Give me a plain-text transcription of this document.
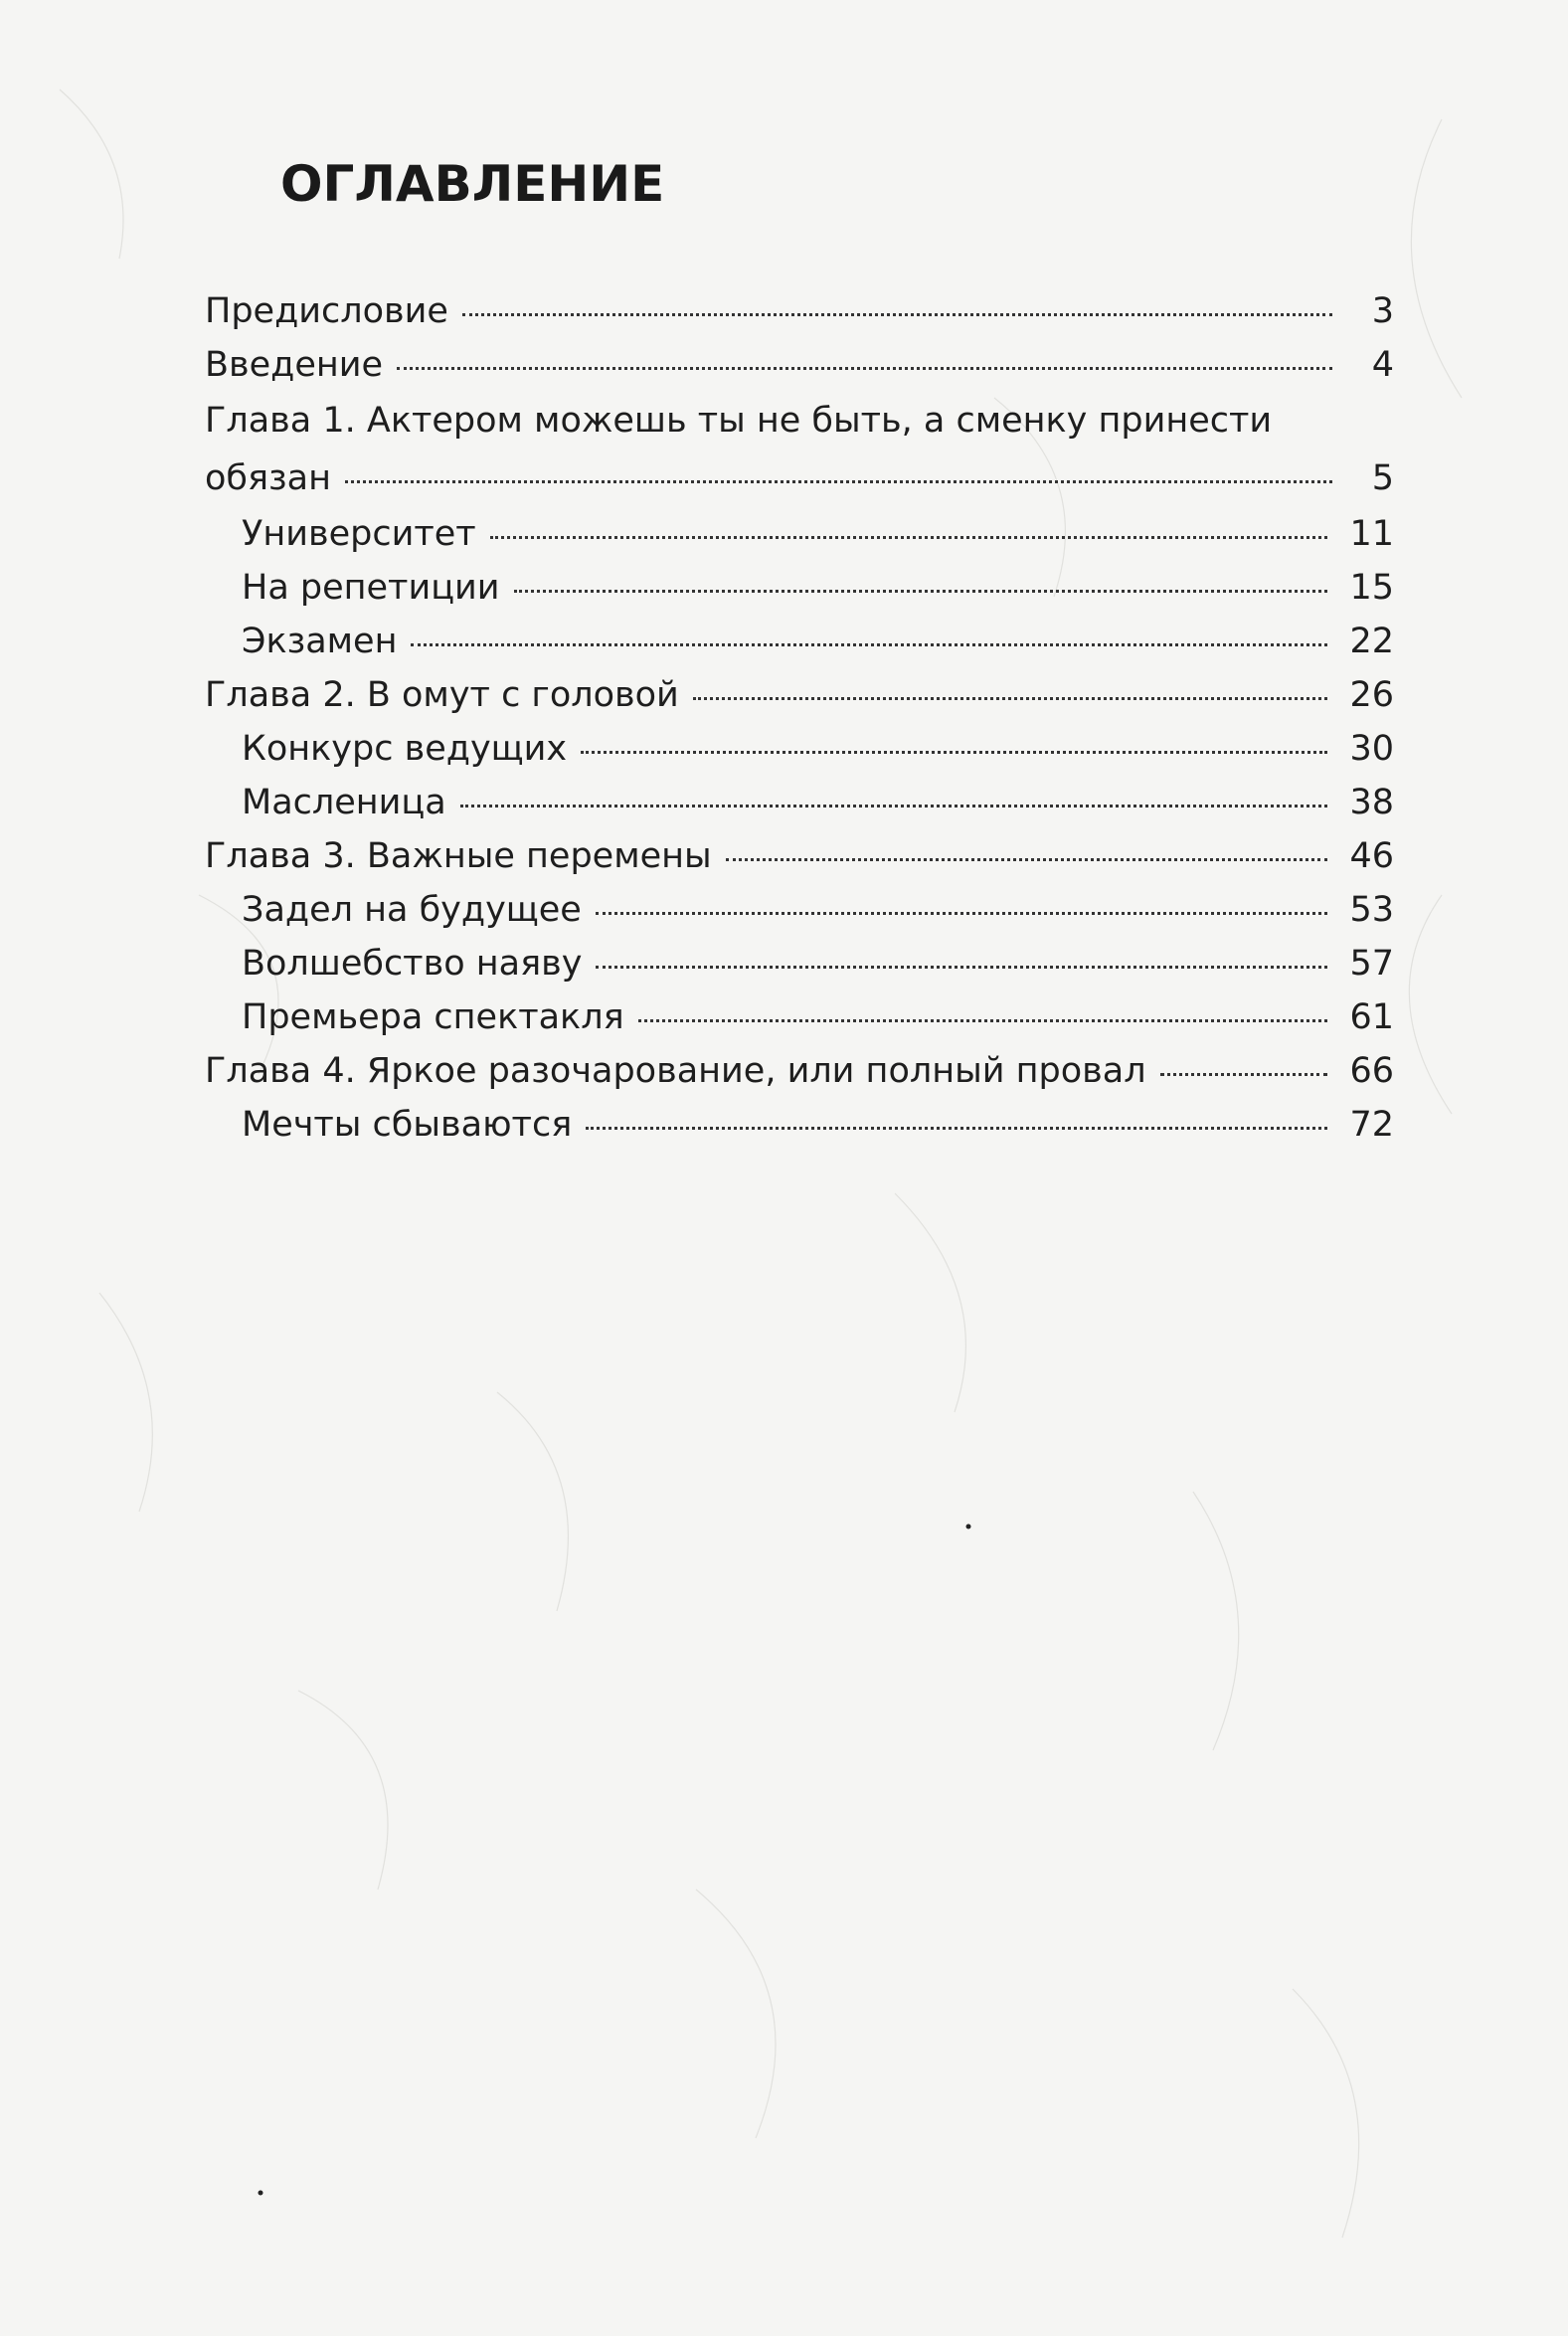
ОГЛАВЛЕНИЕ
Предисловие	3
Введение	4
Глава 1. Актером можешь ты не быть, а сменку принести
обязан	5
Университет	11
На репетиции	15
Экзамен	22
Глава 2. В омут с головой	26
Конкурс ведущих	30
Масленица	38
Глава 3. Важные перемены	46
Задел на будущее	53
Волшебство наяву	57
Премьера спектакля	61
Глава 4. Яркое разочарование, или полный провал	66
Мечты сбываются	72
